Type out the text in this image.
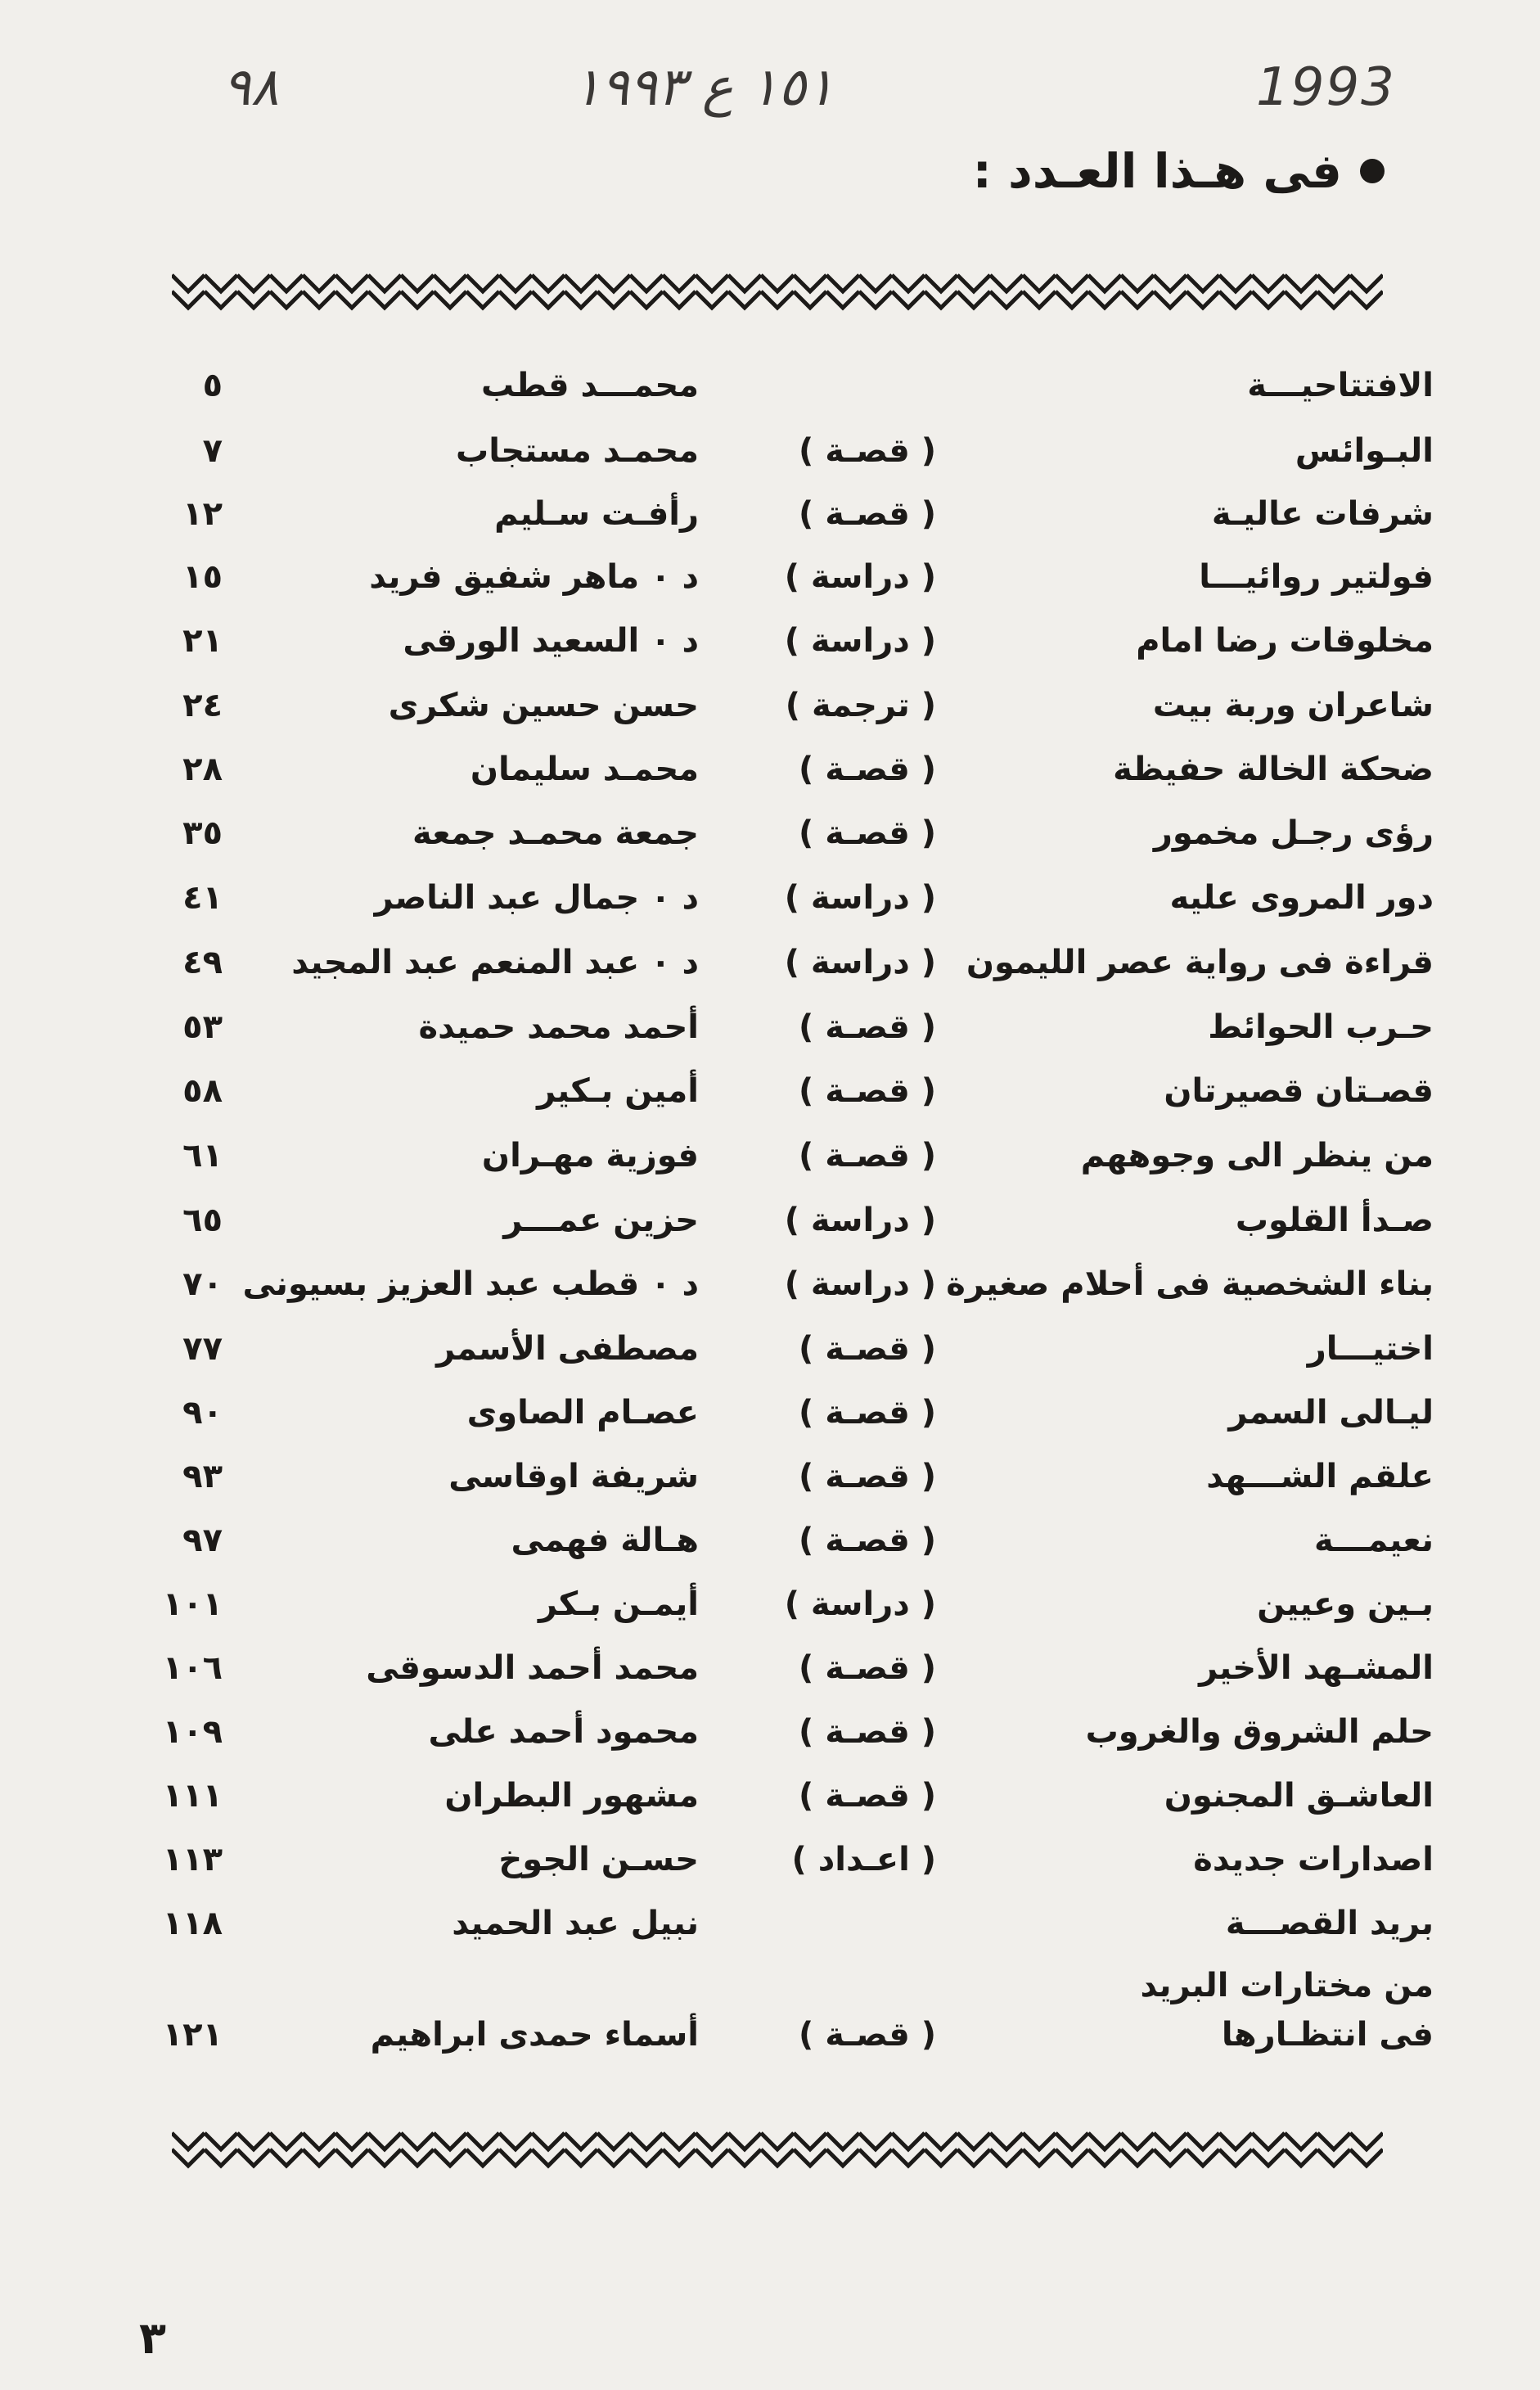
1993
١٥١ ع ١٩٩٣
٩٨
فى هـذا العـدد :
الافتتاحيـــة
محمـــد قطب
٥
البـوائس
( قصـة )
محمـد مستجاب
٧
شرفات عاليـة
( قصـة )
رأفـت سـليم
١٢
فولتير روائيـــا
( دراسة )
د ٠ ماهر شفيق فريد
١٥
مخلوقات رضا امام
( دراسة )
د ٠ السعيد الورقى
٢١
شاعران وربة بيت
( ترجمة )
حسن حسين شكرى
٢٤
ضحكة الخالة حفيظة
( قصـة )
محمـد سليمان
٢٨
رؤى رجـل مخمور
( قصـة )
جمعة محمـد جمعة
٣٥
دور المروى عليه
( دراسة )
د ٠ جمال عبد الناصر
٤١
قراءة فى رواية عصر الليمون
( دراسة )
د ٠ عبد المنعم عبد المجيد
٤٩
حـرب الحوائط
( قصـة )
أحمد محمد حميدة
٥٣
قصـتان قصيرتان
( قصـة )
أمين بـكير
٥٨
من ينظر الى وجوههم
( قصـة )
فوزية مهـران
٦١
صـدأ القلوب
( دراسة )
حزين عمـــر
٦٥
بناء الشخصية فى أحلام صغيرة
( دراسة )
د ٠ قطب عبد العزيز بسيونى
٧٠
اختيـــار
( قصـة )
مصطفى الأسمر
٧٧
ليـالى السمر
( قصـة )
عصـام الصاوى
٩٠
علقم الشـــهد
( قصـة )
شريفة اوقاسى
٩٣
نعيمـــة
( قصـة )
هـالة فهمى
٩٧
بـين وعيين
( دراسة )
أيمـن بـكر
١٠١
المشـهد الأخير
( قصـة )
محمد أحمد الدسوقى
١٠٦
حلم الشروق والغروب
( قصـة )
محمود أحمد على
١٠٩
العاشـق المجنون
( قصـة )
مشهور البطران
١١١
اصدارات جديدة
( اعـداد )
حسـن الجوخ
١١٣
بريد القصـــة
نبيل عبد الحميد
١١٨
من مختارات البريد
فى انتظـارها
( قصـة )
أسماء حمدى ابراهيم
١٢١
٣
